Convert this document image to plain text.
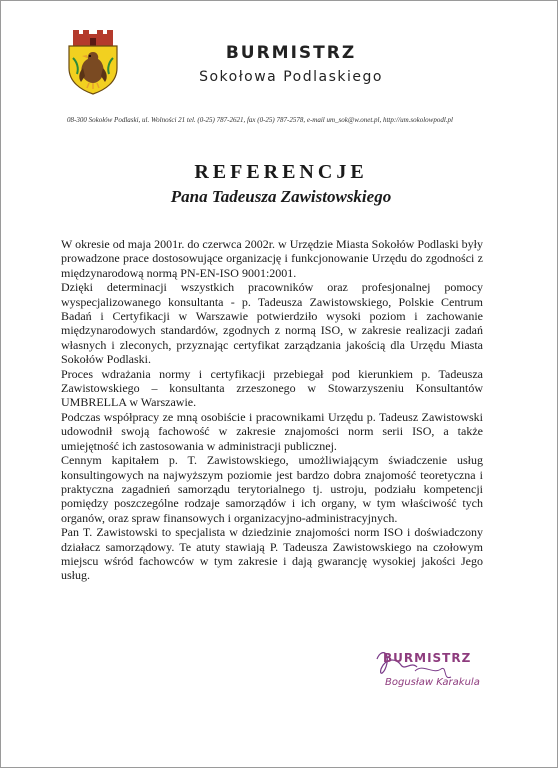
BURMISTRZ
Sokołowa Podlaskiego
08-300 Sokołów Podlaski, ul. Wolności 21 tel. (0-25) 787-2621, fax (0-25) 787-2578, e-mail um_sok@w.onet.pl, http://um.sokolowpodl.pl
REFERENCJE
Pana Tadeusza Zawistowskiego

W okresie od maja 2001r. do czerwca 2002r. w Urzędzie Miasta Sokołów Podlaski były prowadzone prace dostosowujące organizację i funkcjonowanie Urzędu do zgodności z międzynarodową normą PN-EN-ISO 9001:2001.

Dzięki determinacji wszystkich pracowników oraz profesjonalnej pomocy wyspecjalizowanego konsultanta - p. Tadeusza Zawistowskiego, Polskie Centrum Badań i Certyfikacji w Warszawie potwierdziło wysoki poziom i zachowanie międzynarodowych standardów, zgodnych z normą ISO, w zakresie realizacji zadań własnych i zleconych, przyznając certyfikat zarządzania jakością dla Urzędu Miasta Sokołów Podlaski.

Proces wdrażania normy i certyfikacji przebiegał pod kierunkiem p. Tadeusza Zawistowskiego – konsultanta zrzeszonego w Stowarzyszeniu Konsultantów UMBRELLA w Warszawie.

Podczas współpracy ze mną osobiście i pracownikami Urzędu p. Tadeusz Zawistowski udowodnił swoją fachowość w zakresie znajomości norm serii ISO, a także umiejętność ich zastosowania w administracji publicznej.

Cennym kapitałem p. T. Zawistowskiego, umożliwiającym świadczenie usług konsultingowych na najwyższym poziomie jest bardzo dobra znajomość teoretyczna i praktyczna zagadnień samorządu terytorialnego tj. ustroju, podziału kompetencji pomiędzy poszczególne rodzaje samorządów i ich organy, w tym właściwość tych organów, oraz spraw finansowych i organizacyjno-administracyjnych.

Pan T. Zawistowski to specjalista w dziedzinie znajomości norm ISO i doświadczony działacz samorządowy. Te atuty stawiają P. Tadeusza Zawistowskiego na czołowym miejscu wśród fachowców w tym zakresie i dają gwarancję wysokiej jakości Jego usług.

BURMISTRZ
Bogusław Karakula
